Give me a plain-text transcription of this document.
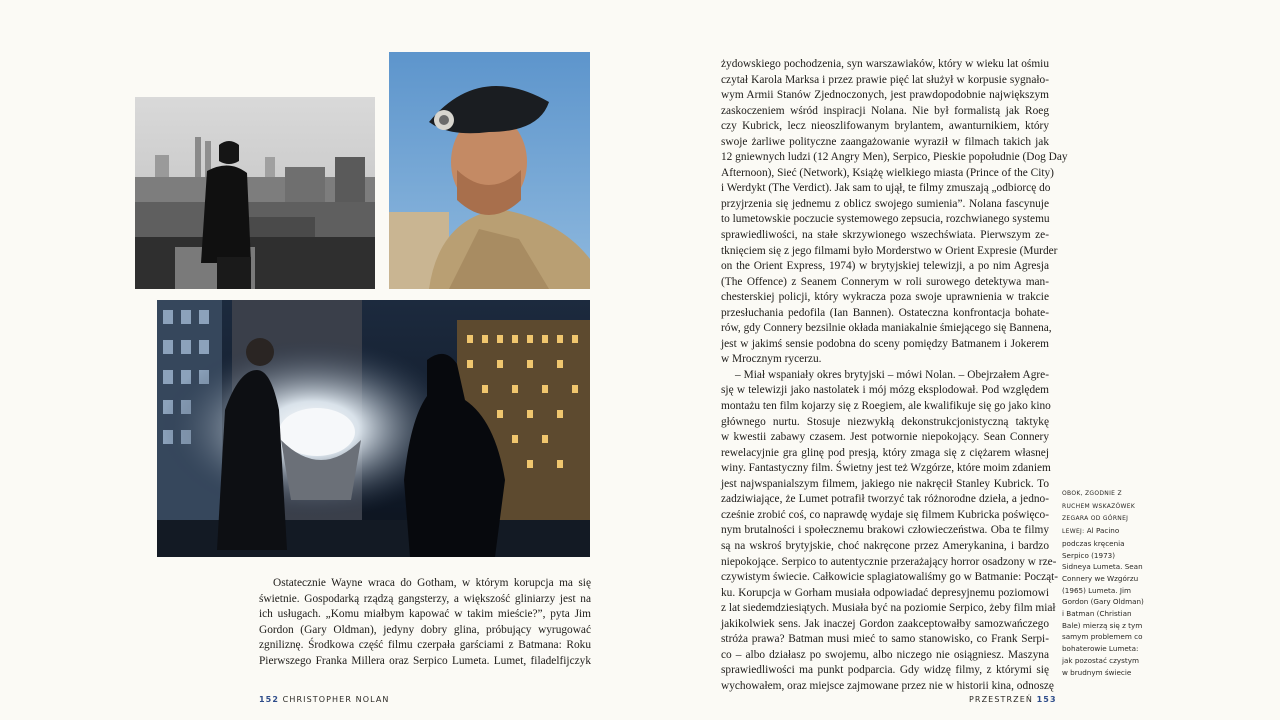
Ostatecznie Wayne wraca do Gotham, w którym korupcja ma się
świetnie. Gospodarką rządzą gangsterzy, a większość gliniarzy jest na
ich usługach. „Komu miałbym kapować w takim mieście?”, pyta Jim
Gordon (Gary Oldman), jedyny dobry glina, próbujący wyrugować
zgniliznę. Środkowa część filmu czerpała garściami z Batmana: Roku
Pierwszego Franka Millera oraz Serpico Lumeta. Lumet, filadelfijczyk
żydowskiego pochodzenia, syn warszawiaków, który w wieku lat ośmiu
czytał Karola Marksa i przez prawie pięć lat służył w korpusie sygnało-
wym Armii Stanów Zjednoczonych, jest prawdopodobnie największym
zaskoczeniem wśród inspiracji Nolana. Nie był formalistą jak Roeg
czy Kubrick, lecz nieoszlifowanym brylantem, awanturnikiem, który
swoje żarliwe polityczne zaangażowanie wyraził w filmach takich jak
12 gniewnych ludzi (12 Angry Men), Serpico, Pieskie popołudnie (Dog Day
Afternoon), Sieć (Network), Książę wielkiego miasta (Prince of the City)
i Werdykt (The Verdict). Jak sam to ujął, te filmy zmuszają „odbiorcę do
przyjrzenia się jednemu z oblicz swojego sumienia”. Nolana fascynuje
to lumetowskie poczucie systemowego zepsucia, rozchwianego systemu
sprawiedliwości, na stałe skrzywionego wszechświata. Pierwszym ze-
tknięciem się z jego filmami było Morderstwo w Orient Expresie (Murder
on the Orient Express, 1974) w brytyjskiej telewizji, a po nim Agresja
(The Offence) z Seanem Connerym w roli surowego detektywa man-
chesterskiej policji, który wykracza poza swoje uprawnienia w trakcie
przesłuchania pedofila (Ian Bannen). Ostateczna konfrontacja bohate-
rów, gdy Connery bezsilnie okłada maniakalnie śmiejącego się Bannena,
jest w jakimś sensie podobna do sceny pomiędzy Batmanem i Jokerem
w Mrocznym rycerzu.
– Miał wspaniały okres brytyjski – mówi Nolan. – Obejrzałem Agre-
sję w telewizji jako nastolatek i mój mózg eksplodował. Pod względem
montażu ten film kojarzy się z Roegiem, ale kwalifikuje się go jako kino
głównego nurtu. Stosuje niezwykłą dekonstrukcjonistyczną taktykę
w kwestii zabawy czasem. Jest potwornie niepokojący. Sean Connery
rewelacyjnie gra glinę pod presją, który zmaga się z ciężarem własnej
winy. Fantastyczny film. Świetny jest też Wzgórze, które moim zdaniem
jest najwspanialszym filmem, jakiego nie nakręcił Stanley Kubrick. To
zadziwiające, że Lumet potrafił tworzyć tak różnorodne dzieła, a jedno-
cześnie zrobić coś, co naprawdę wydaje się filmem Kubricka poświęco-
nym brutalności i społecznemu brakowi człowieczeństwa. Oba te filmy
są na wskroś brytyjskie, choć nakręcone przez Amerykanina, i bardzo
niepokojące. Serpico to autentycznie przerażający horror osadzony w rze-
czywistym świecie. Całkowicie splagiatowaliśmy go w Batmanie: Począt-
ku. Korupcja w Gorham musiała odpowiadać depresyjnemu poziomowi
z lat siedemdziesiątych. Musiała być na poziomie Serpico, żeby film miał
jakikolwiek sens. Jak inaczej Gordon zaakceptowałby samozwańczego
stróża prawa? Batman musi mieć to samo stanowisko, co Frank Serpi-
co – albo działasz po swojemu, albo niczego nie osiągniesz. Maszyna
sprawiedliwości ma punkt podparcia. Gdy widzę filmy, z którymi się
wychowałem, oraz miejsce zajmowane przez nie w historii kina, odnoszę
OBOK, ZGODNIE Z RUCHEM WSKAZÓWEK ZEGARA OD GÓRNEJ LEWEJ: Al Pacino
podczas kręcenia
Serpico (1973)
Sidneya Lumeta. Sean
Connery we Wzgórzu
(1965) Lumeta. Jim
Gordon (Gary Oldman)
i Batman (Christian
Bale) mierzą się z tym
samym problemem co
bohaterowie Lumeta:
jak pozostać czystym
w brudnym świecie
152 CHRISTOPHER NOLAN	PRZESTRZEŃ 153
